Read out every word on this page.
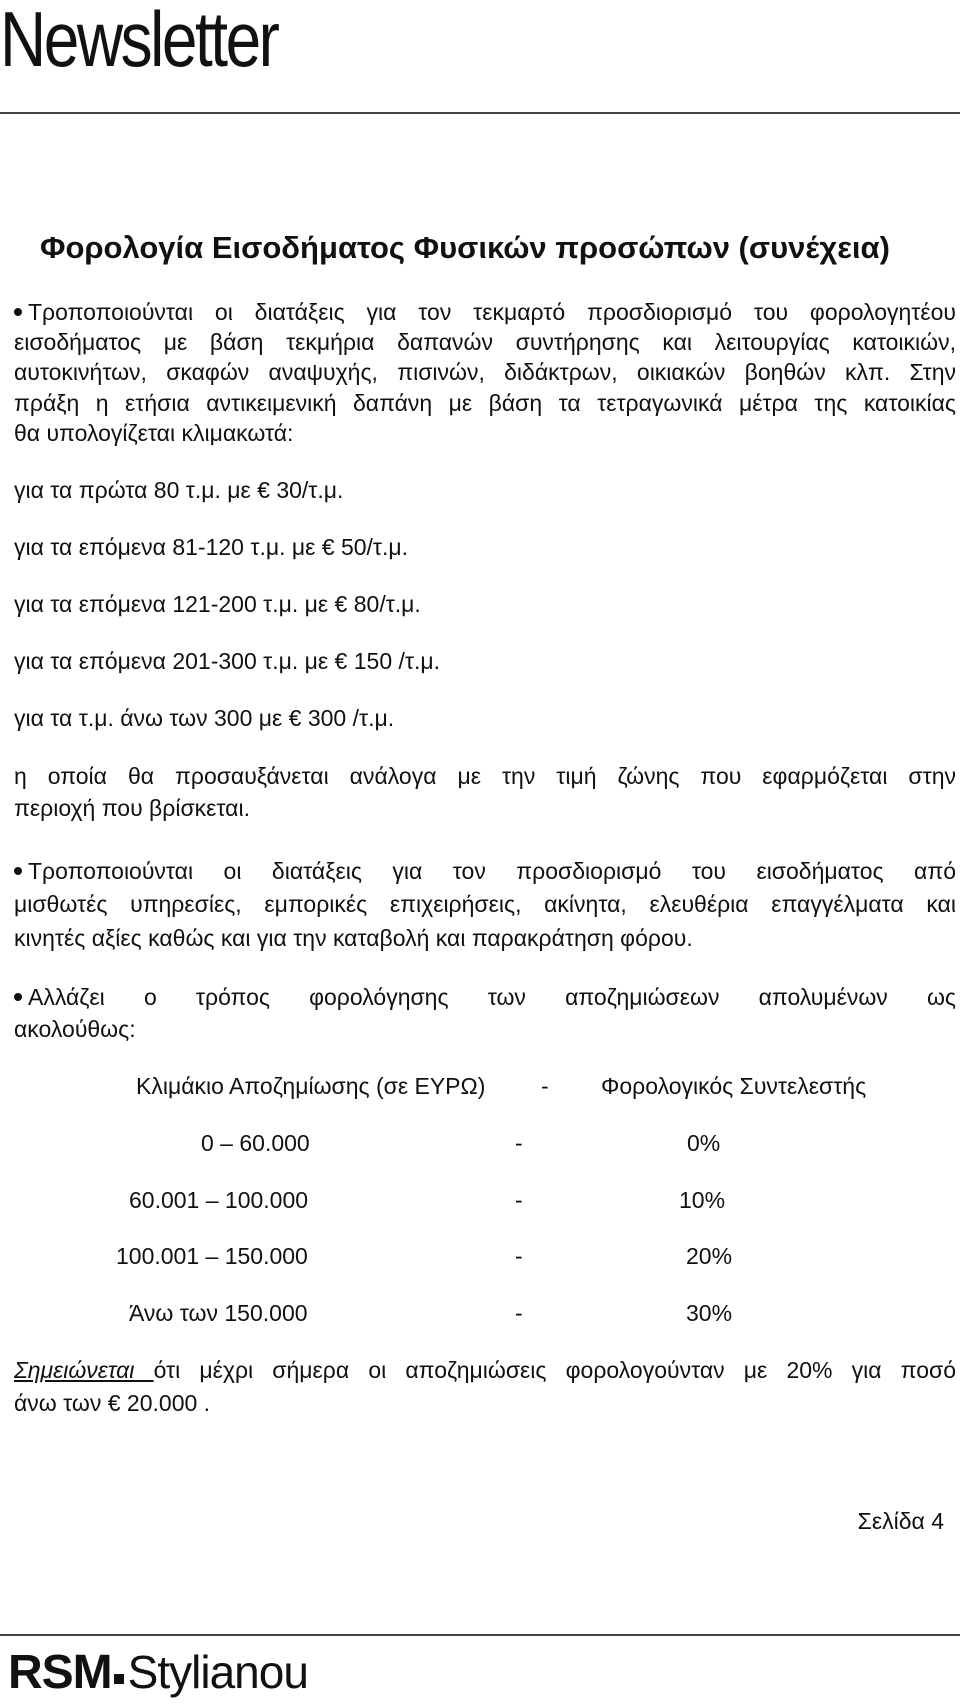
Newsletter
Φορολογία Εισοδήματος Φυσικών προσώπων (συνέχεια)
Τροποποιούνται οι διατάξεις για τον τεκμαρτό προσδιορισμό του φορολογητέου
εισοδήματος με βάση τεκμήρια δαπανών συντήρησης και λειτουργίας κατοικιών,
αυτοκινήτων, σκαφών αναψυχής, πισινών, διδάκτρων, οικιακών βοηθών κλπ. Στην
πράξη η ετήσια αντικειμενική δαπάνη με βάση τα τετραγωνικά μέτρα της κατοικίας
θα υπολογίζεται κλιμακωτά:
για τα πρώτα 80 τ.μ. με € 30/τ.μ.
για τα επόμενα 81-120 τ.μ. με € 50/τ.μ.
για τα επόμενα 121-200 τ.μ. με € 80/τ.μ.
για τα επόμενα 201-300 τ.μ. με € 150 /τ.μ.
για τα τ.μ. άνω των 300 με € 300 /τ.μ.
η οποία θα προσαυξάνεται ανάλογα με την τιμή ζώνης που εφαρμόζεται στην
περιοχή που βρίσκεται.
Τροποποιούνται οι διατάξεις για τον προσδιορισμό του εισοδήματος από
μισθωτές υπηρεσίες, εμπορικές επιχειρήσεις, ακίνητα, ελευθέρια επαγγέλματα και
κινητές αξίες καθώς και για την καταβολή και παρακράτηση φόρου.
Αλλάζει ο τρόπος φορολόγησης των αποζημιώσεων απολυμένων ως
ακολούθως:
Κλιμάκιο Αποζημίωσης (σε ΕΥΡΩ) - Φορολογικός Συντελεστής
0 – 60.000	-	0%
60.001 – 100.000	-	10%
100.001 – 150.000	-	20%
Άνω των 150.000	-	30%
Σημειώνεται ότι μέχρι σήμερα οι αποζημιώσεις φορολογούνταν με 20% για ποσό
άνω των € 20.000 .
Σελίδα 4
RSM Stylianou
